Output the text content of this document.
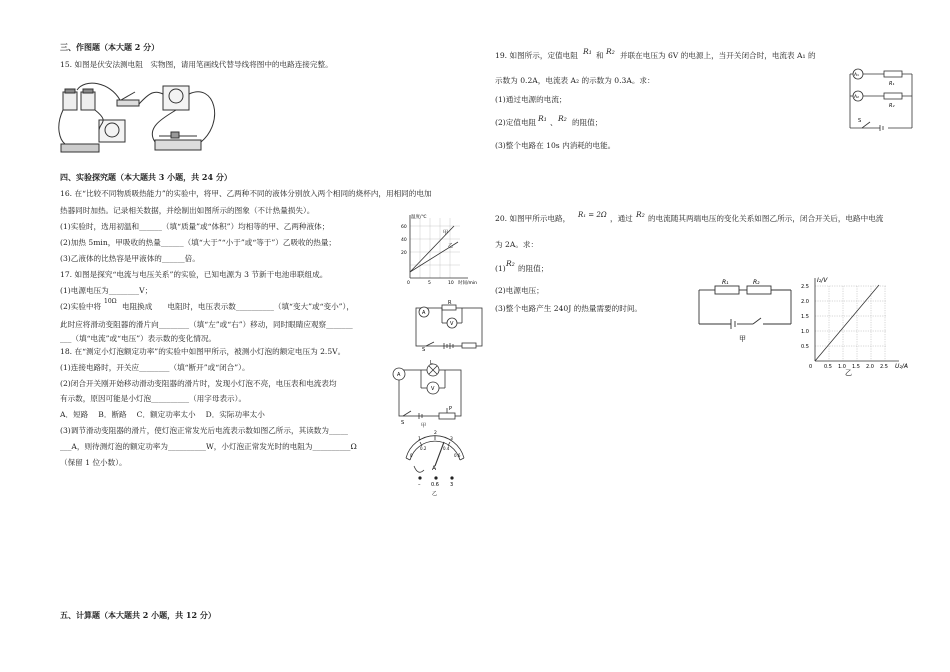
三、作图题（本大题 2 分）
15. 如图是伏安法测电阻　实物图，请用笔画线代替导线将图中的电路连接完整。
四、实验探究题（本大题共 3 小题，共 24 分）
16. 在“比较不同物质吸热能力”的实验中，将甲、乙两种不同的液体分别放入两个相同的烧杯内，用相同的电加
热器同时加热。记录相关数据，并绘制出如图所示的图象（不计热量损失）。
(1)实验时，选用初温和______（填“质量”或“体积”）均相等的甲、乙两种液体；
(2)加热 5min，甲吸收的热量______（填“大于”“小于”或“等于”）乙吸收的热量；
(3)乙液体的比热容是甲液体的______倍。
温度/℃
时间/min
60
40
20
0	5	10
甲
乙
17. 如图是探究“电流与电压关系”的实验，已知电源为 3 节新干电池串联组成。
(1)电源电压为________V；
(2)实验中将
10Ω
电阻换成　　电阻时，电压表示数__________（填“变大”或“变小”），
此时应将滑动变阻器的滑片向________（填“左”或“右”）移动，同时眼睛应观察_______
___（填“电流”或“电压”）表示数的变化情况。
A
V
R
S
18. 在“测定小灯泡额定功率”的实验中如图甲所示，被测小灯泡的额定电压为 2.5V。
(1)连接电路时，开关应________（填“断开”或“闭合”）。
(2)闭合开关刚开始移动滑动变阻器的滑片时，发现小灯泡不亮，电压表和电流表均
有示数，原因可能是小灯泡__________（用字母表示）。
A．短路　 B．断路　 C．额定功率太小　 D．实际功率太小
(3)调节滑动变阻器的滑片，使灯泡正常发光后电流表示数如图乙所示，其读数为_____
___A，则待测灯泡的额定功率为__________W，小灯泡正常发光时的电阻为__________Ω
（保留 1 位小数）。
A
L
V
S
P
甲
1
2
3
0
0.2	0.4
0.6
A
– 0.6 3
乙
五、计算题（本大题共 2 小题，共 12 分）
19. 如图所示，定值电阻 R₁ 和 R₂ 并联在电压为 6V 的电源上，当开关闭合时，电流表 A₁ 的
示数为 0.2A，电流表 A₂ 的示数为 0.3A。求：
(1)通过电源的电流；
(2)定值电阻 R₁ 、 R₂ 的阻值；
(3)整个电路在 10s 内消耗的电能。
A₁
A₂
R₁
R₂
S
20. 如图甲所示电路， R₁ = 2Ω ，通过 R₂ 的电流随其两端电压的变化关系如图乙所示，闭合开关后，电路中电流
为 2A。求：
(1)
R₂
的阻值；
(2)电源电压；
(3)整个电路产生 240J 的热量需要的时间。
R₁	R₂
甲
I₂/V
U₂/A
2.5
2.0
1.5
1.0
0.5
0 0.5 1.0 1.5 2.0 2.5
乙
